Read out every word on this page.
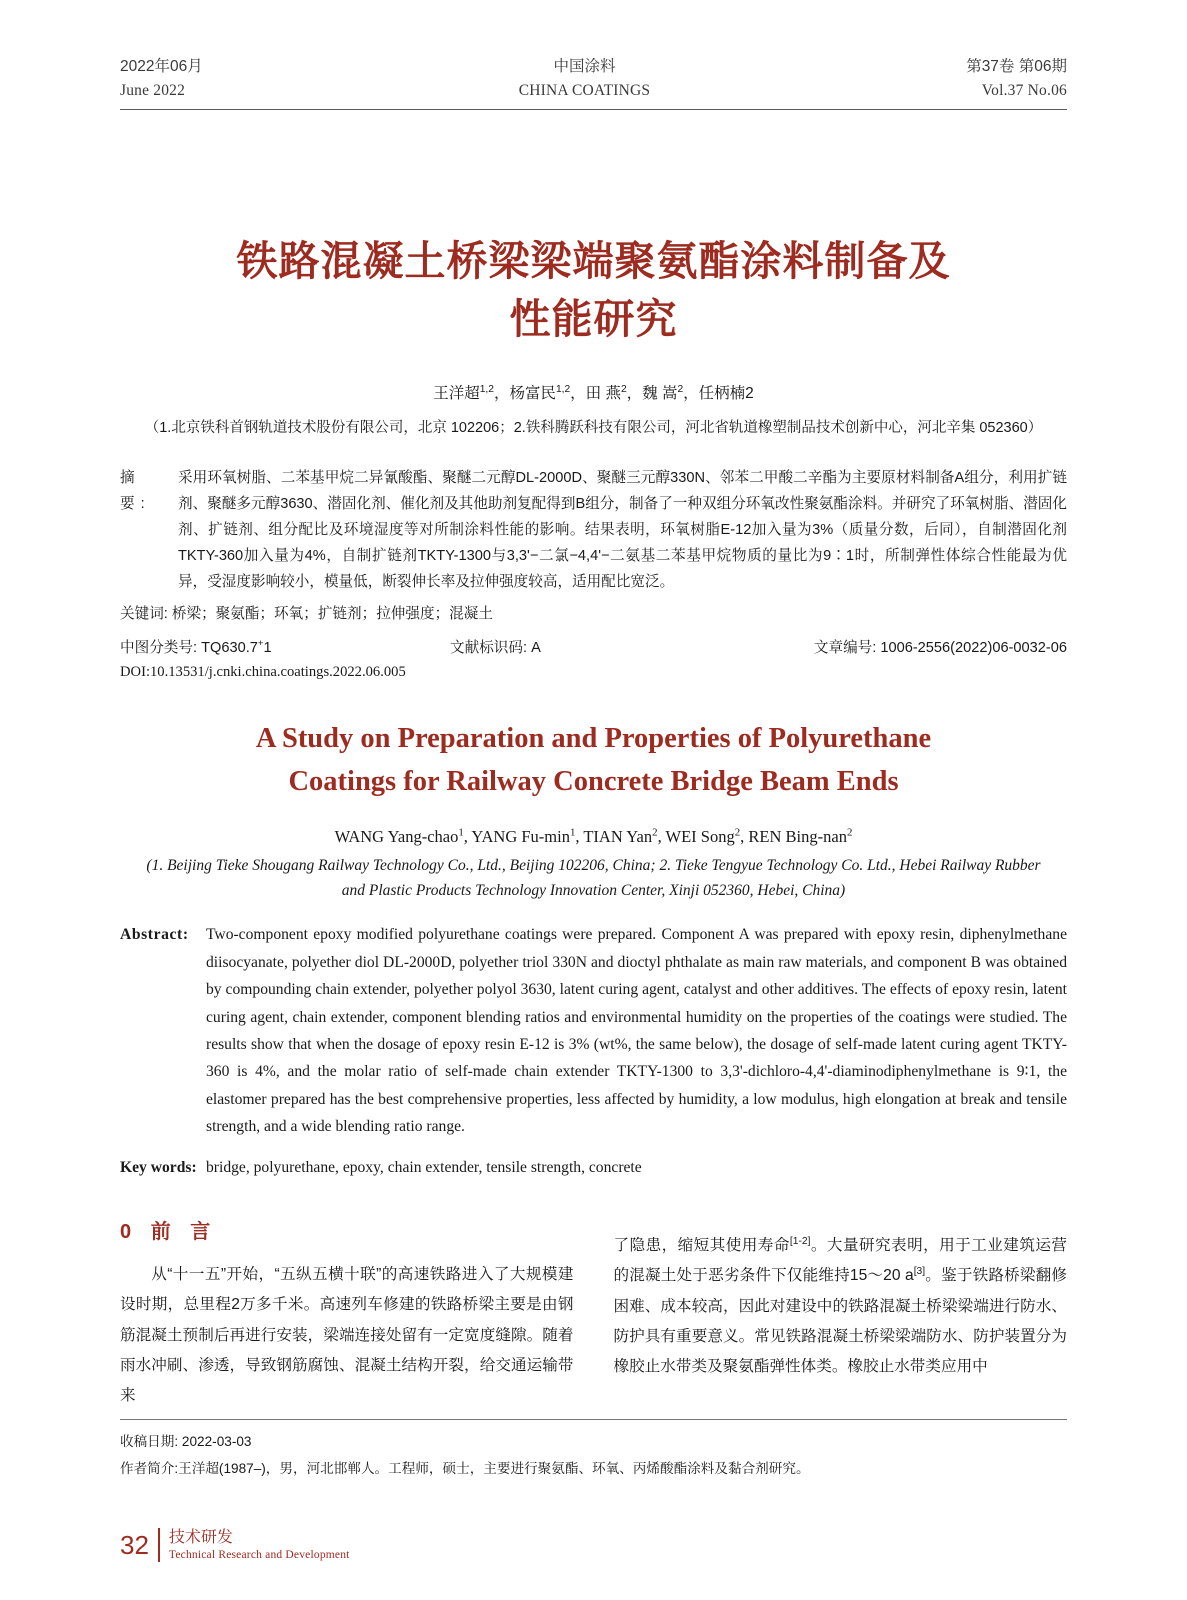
2022年06月
June 2022
中国涂料
CHINA COATINGS
第37卷 第06期
Vol.37 No.06
铁路混凝土桥梁梁端聚氨酯涂料制备及
性能研究
王洋超$^{1,2}$，杨富民$^{1,2}$，田 燕$^2$，魏 嵩$^2$，任柄楠2
（1.北京铁科首钢轨道技术股份有限公司，北京 102206；2.铁科腾跃科技有限公司，河北省轨道橡塑制品技术创新中心，河北辛集 052360）
摘 要:
采用环氧树脂、二苯基甲烷二异氰酸酯、聚醚二元醇DL-2000D、聚醚三元醇330N、邻苯二甲酸二辛酯为主要原材料制备A组分，利用扩链剂、聚醚多元醇3630、潜固化剂、催化剂及其他助剂复配得到B组分，制备了一种双组分环氧改性聚氨酯涂料。并研究了环氧树脂、潜固化剂、扩链剂、组分配比及环境湿度等对所制涂料性能的影响。结果表明，环氧树脂E-12加入量为3%（质量分数，后同），自制潜固化剂TKTY-360加入量为4%，自制扩链剂TKTY-1300与3,3'−二氯−4,4'−二氨基二苯基甲烷物质的量比为9∶1时，所制弹性体综合性能最为优异，受湿度影响较小，模量低，断裂伸长率及拉伸强度较高，适用配比宽泛。
关键词: 桥梁；聚氨酯；环氧；扩链剂；拉伸强度；混凝土
中图分类号: TQ630.7+1	文献标识码: A	文章编号: 1006-2556(2022)06-0032-06
DOI:10.13531/j.cnki.china.coatings.2022.06.005
A Study on Preparation and Properties of Polyurethane
Coatings for Railway Concrete Bridge Beam Ends
WANG Yang-chao$^1$, YANG $Fu-\min^1$, TIAN Yan$^2$, WEI Song$^2$, REN Bing-nan$^2$
(1. Beijing Tieke Shougang Railway Technology Co., Ltd., Beijing 102206, China; 2. Tieke Tengyue Technology Co. Ltd., Hebei Railway Rubber and Plastic Products Technology Innovation Center, Xinji 052360, Hebei, China)
Abstract:	Two-component epoxy modified polyurethane coatings were prepared. Component A was prepared with epoxy resin, diphenylmethane diisocyanate, polyether diol DL-2000D, polyether triol 330N and dioctyl phthalate as main raw materials, and component B was obtained by compounding chain extender, polyether polyol 3630, latent curing agent, catalyst and other additives. The effects of epoxy resin, latent curing agent, chain extender, component blending ratios and environmental humidity on the properties of the coatings were studied. The results show that when the dosage of epoxy resin E-12 is 3% (wt%, the same below), the dosage of self-made latent curing agent TKTY-360 is 4%, and the molar ratio of self-made chain extender TKTY-1300 to 3,3'-dichloro-4,4'-diaminodiphenylmethane is 9∶1, the elastomer prepared has the best comprehensive properties, less affected by humidity, a low modulus, high elongation at break and tensile strength, and a wide blending ratio range.
Key words: bridge, polyurethane, epoxy, chain extender, tensile strength, concrete
0 前 言

从“十一五”开始，“五纵五横十联”的高速铁路进入了大规模建设时期，总里程2万多千米。高速列车修建的铁路桥梁主要是由钢筋混凝土预制后再进行安装，梁端连接处留有一定宽度缝隙。随着雨水冲刷、渗透，导致钢筋腐蚀、混凝土结构开裂，给交通运输带来

了隐患，缩短其使用寿命[1-2]。大量研究表明，用于工业建筑运营的混凝土处于恶劣条件下仅能维持15～20 a[3]。鉴于铁路桥梁翻修困难、成本较高，因此对建设中的铁路混凝土桥梁梁端进行防水、防护具有重要意义。常见铁路混凝土桥梁梁端防水、防护装置分为橡胶止水带类及聚氨酯弹性体类。橡胶止水带类应用中

收稿日期: 2022-03-03
作者简介:王洋超(1987–)，男，河北邯郸人。工程师，硕士，主要进行聚氨酯、环氧、丙烯酸酯涂料及黏合剂研究。
32 技术研发
Technical Research and Development
